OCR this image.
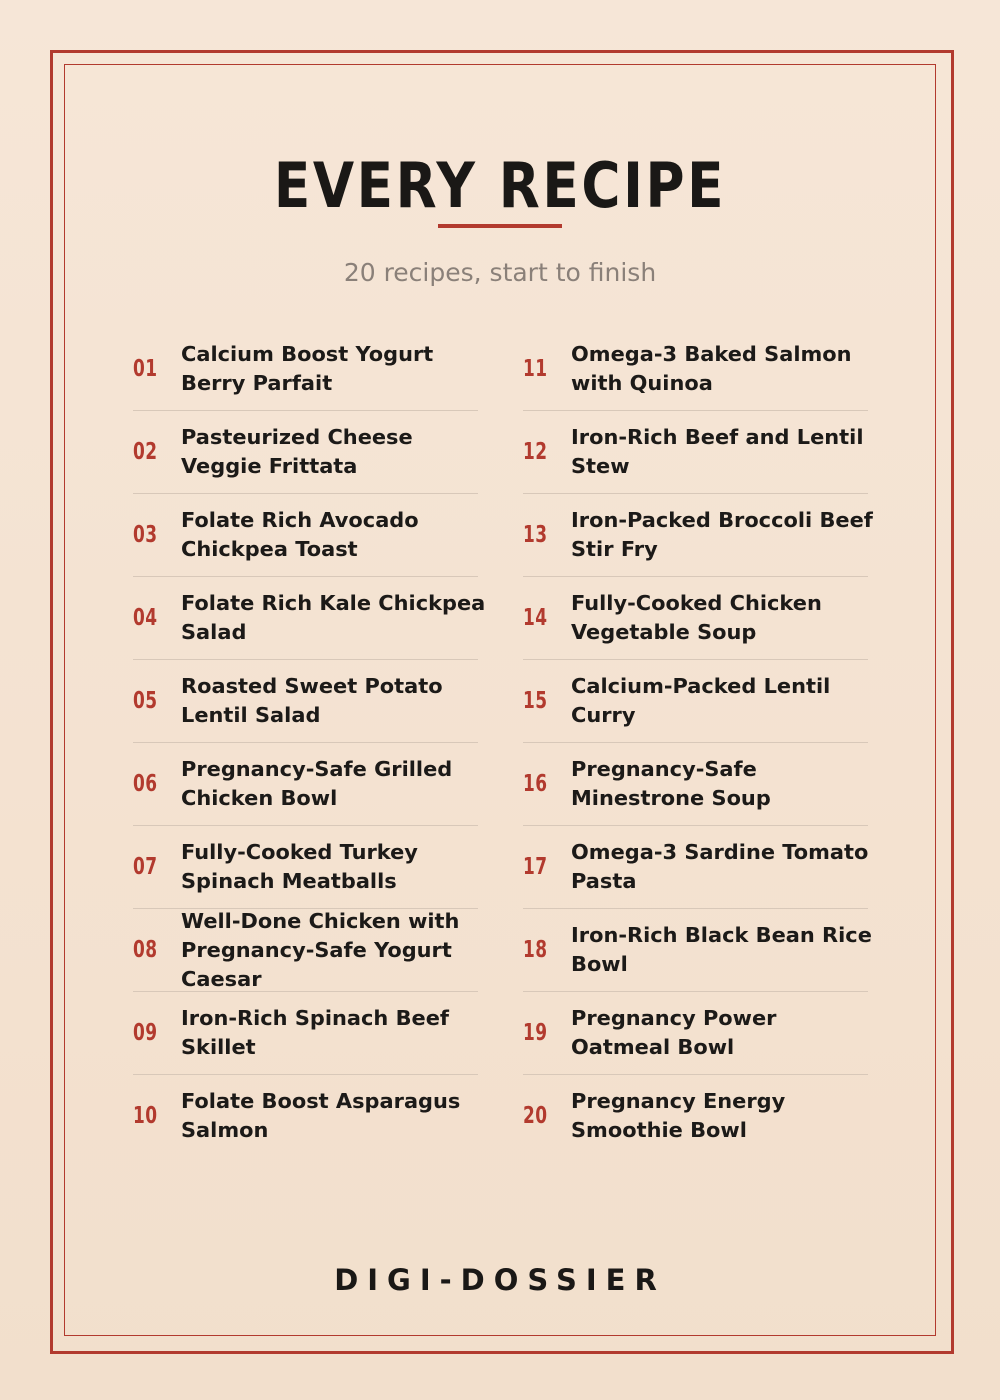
EVERY RECIPE
20 recipes, start to finish
01
Calcium Boost Yogurt Berry Parfait
02
Pasteurized Cheese Veggie Frittata
03
Folate Rich Avocado Chickpea Toast
04
Folate Rich Kale Chickpea Salad
05
Roasted Sweet Potato Lentil Salad
06
Pregnancy-Safe Grilled Chicken Bowl
07
Fully-Cooked Turkey Spinach Meatballs
08
Well-Done Chicken with Pregnancy-Safe Yogurt Caesar
09
Iron-Rich Spinach Beef Skillet
10
Folate Boost Asparagus Salmon
11
Omega-3 Baked Salmon with Quinoa
12
Iron-Rich Beef and Lentil Stew
13
Iron-Packed Broccoli Beef Stir Fry
14
Fully-Cooked Chicken Vegetable Soup
15
Calcium-Packed Lentil Curry
16
Pregnancy-Safe Minestrone Soup
17
Omega-3 Sardine Tomato Pasta
18
Iron-Rich Black Bean Rice Bowl
19
Pregnancy Power Oatmeal Bowl
20
Pregnancy Energy Smoothie Bowl
DIGI-DOSSIER
